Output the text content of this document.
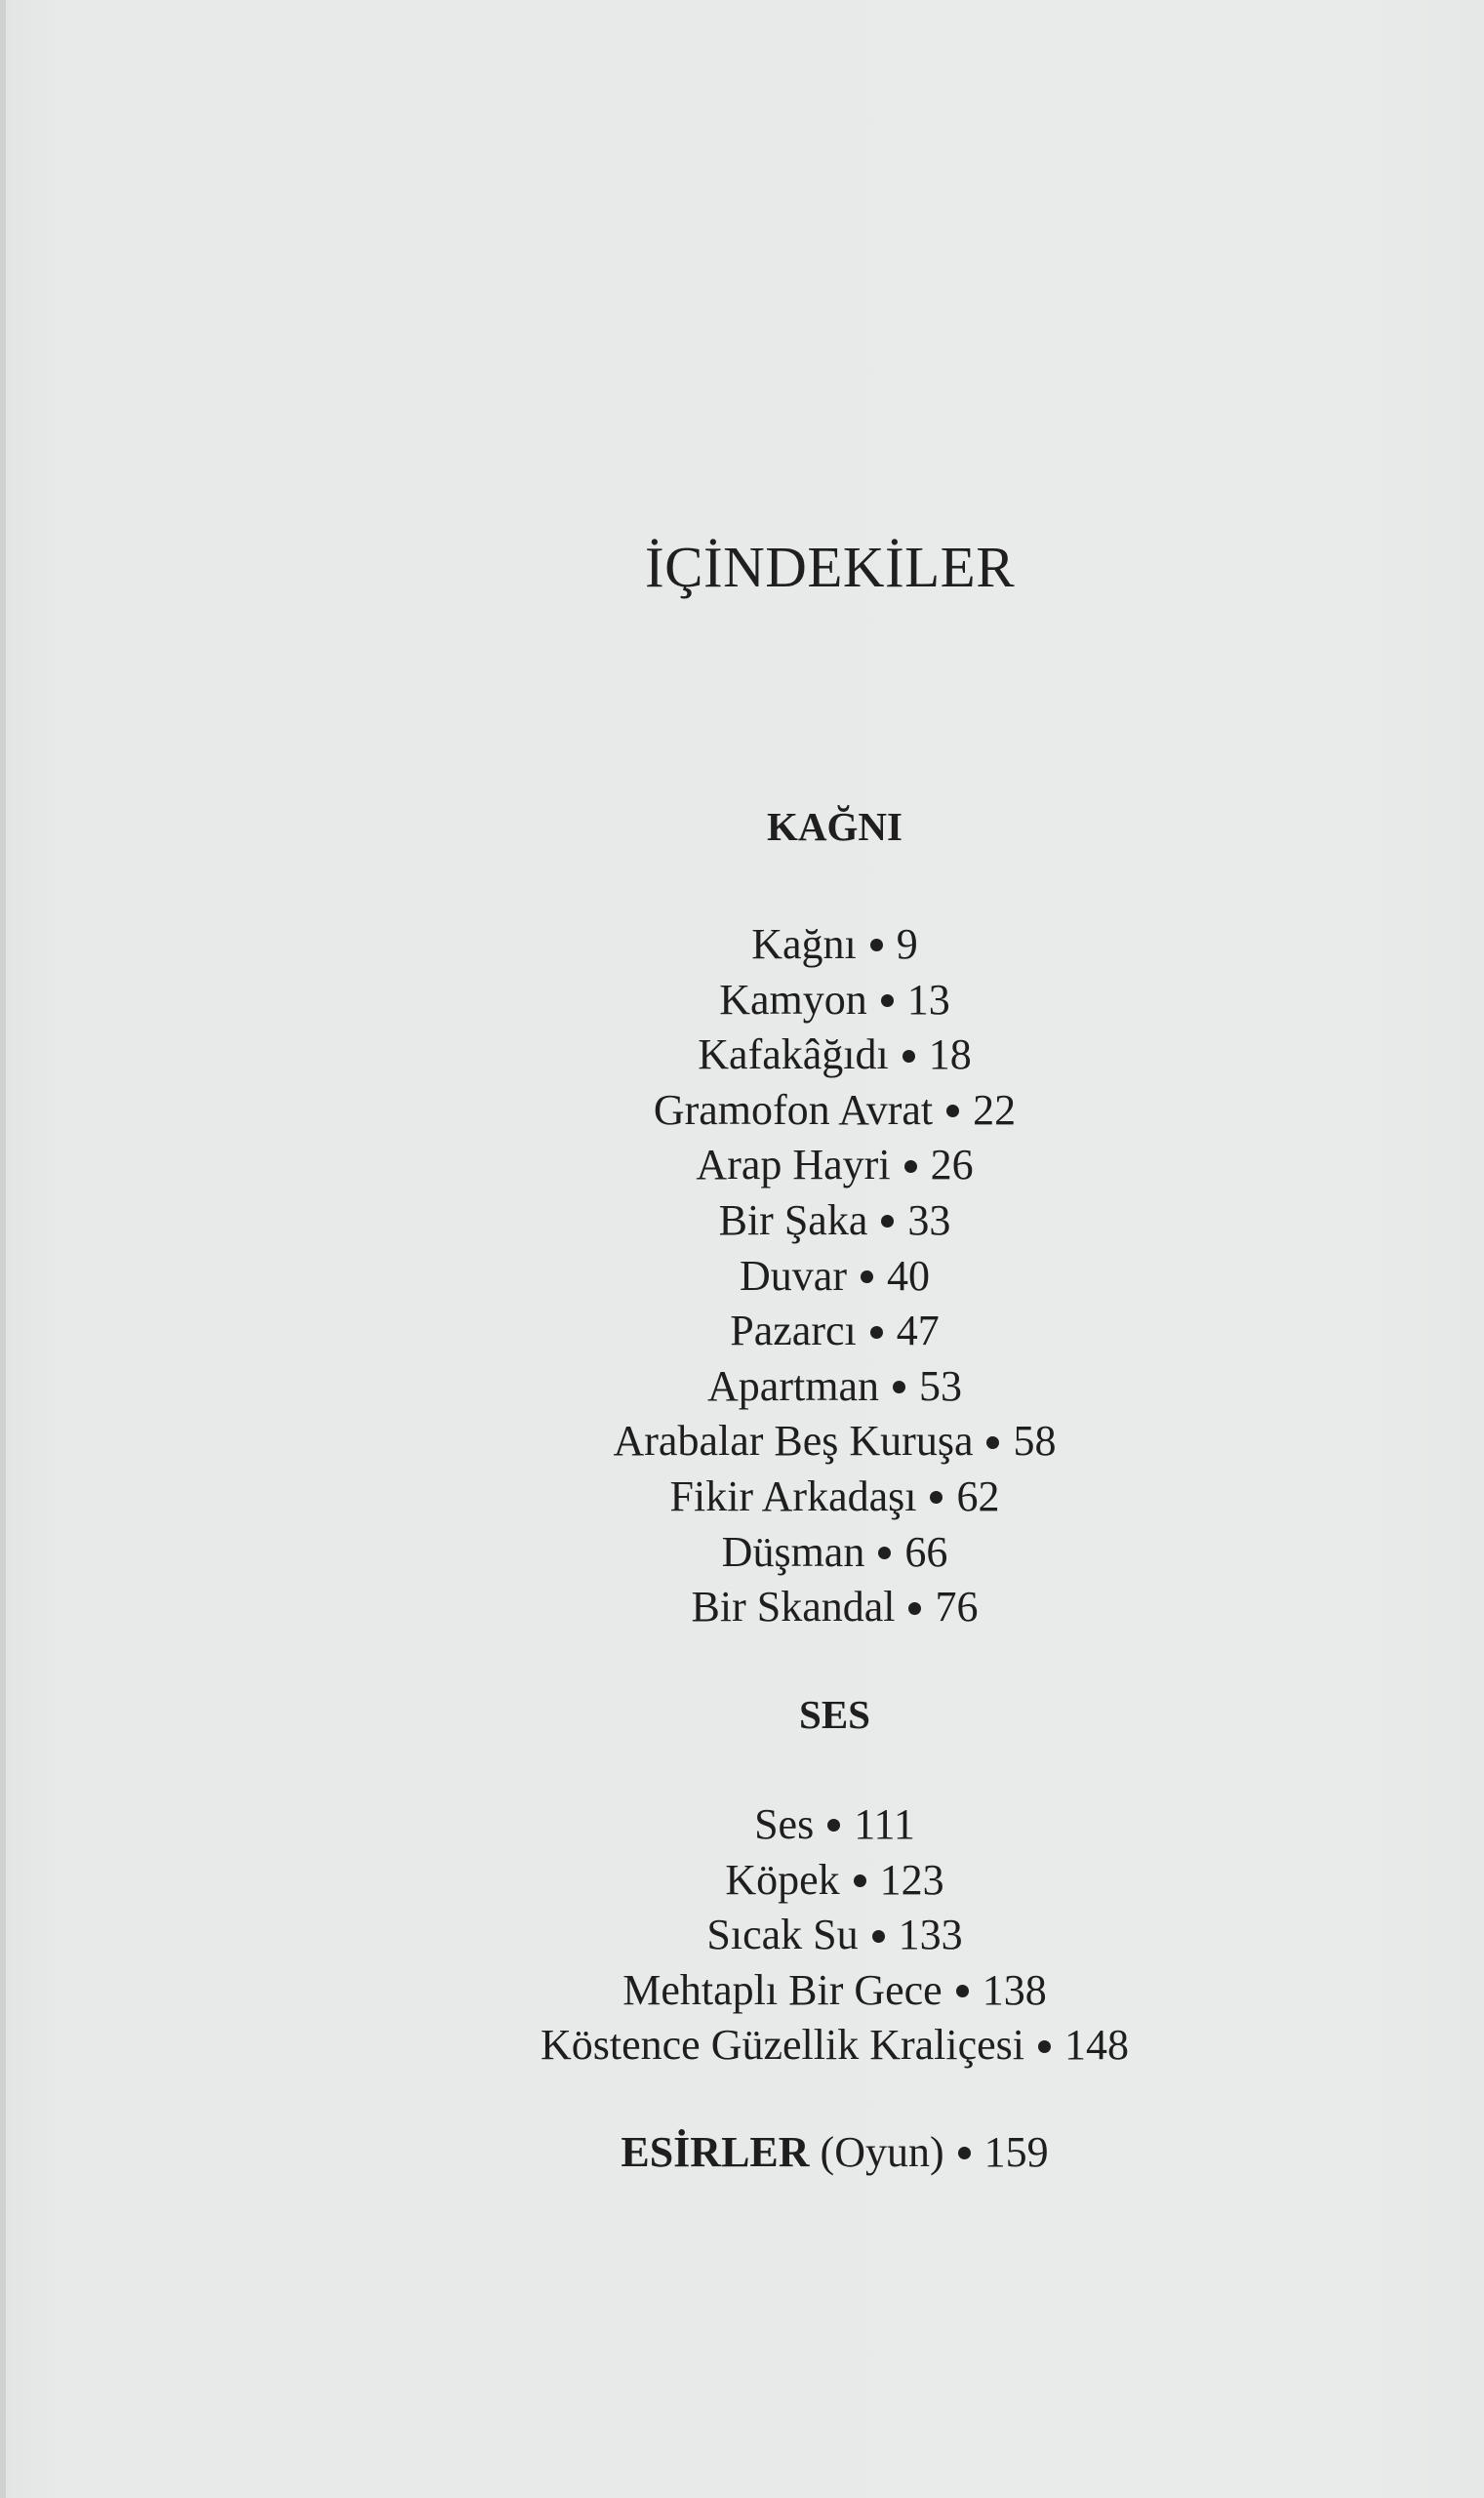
İÇİNDEKİLER
KAĞNI
Kağnı 9
Kamyon 13
Kafakâğıdı 18
Gramofon Avrat 22
Arap Hayri 26
Bir Şaka 33
Duvar 40
Pazarcı 47
Apartman 53
Arabalar Beş Kuruşa 58
Fikir Arkadaşı 62
Düşman 66
Bir Skandal 76
SES
Ses 111
Köpek 123
Sıcak Su 133
Mehtaplı Bir Gece 138
Köstence Güzellik Kraliçesi 148
ESİRLER (Oyun) 159
